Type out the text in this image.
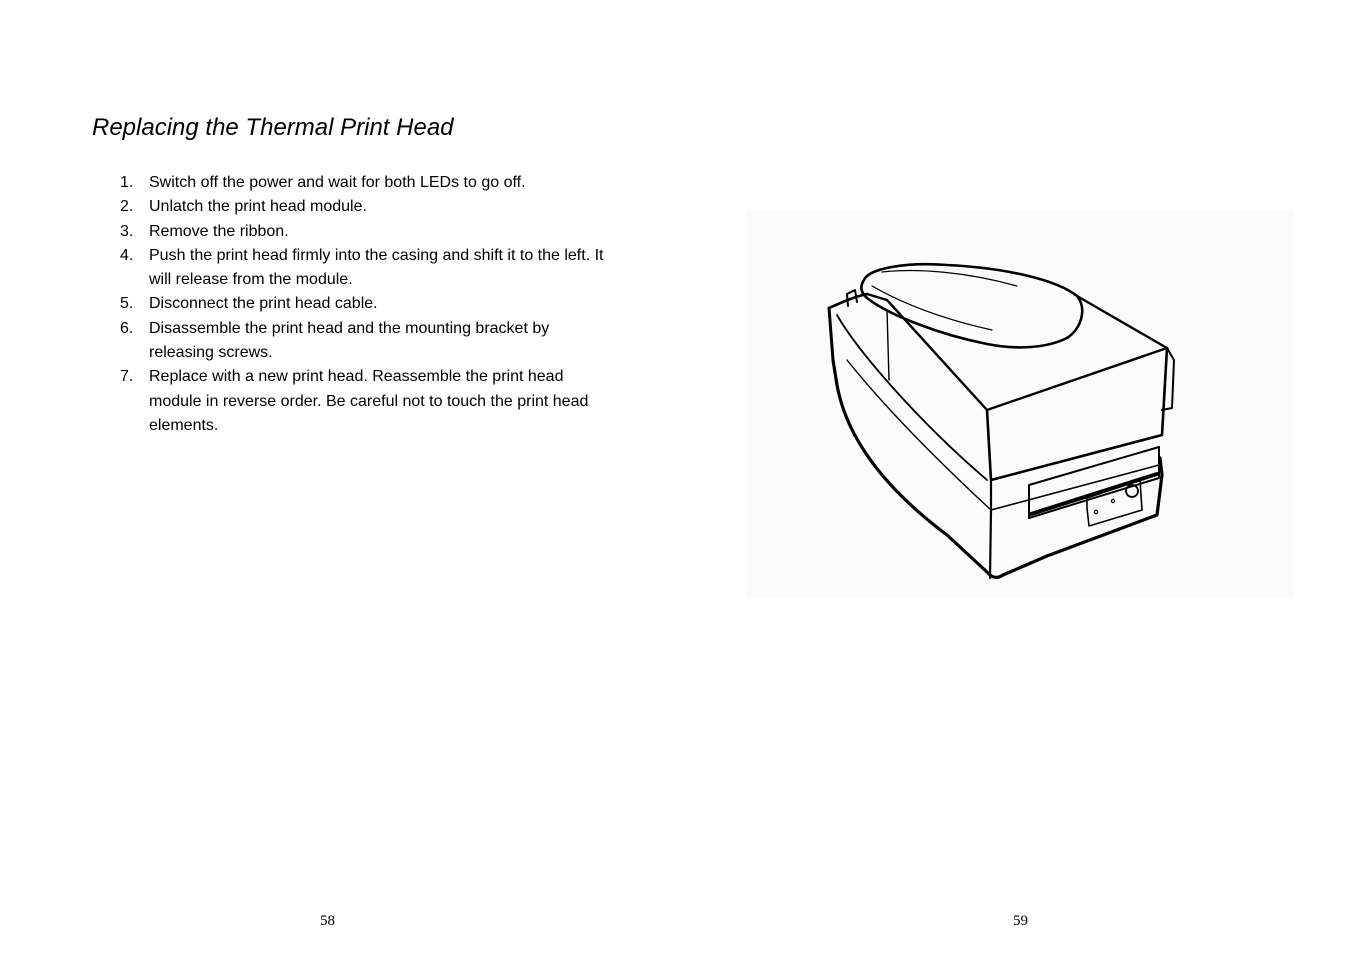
Replacing the Thermal Print Head
1. Switch off the power and wait for both LEDs to go off.
2. Unlatch the print head module.
3. Remove the ribbon.
4. Push the print head firmly into the casing and shift it to the left. It will release from the module.
5. Disconnect the print head cable.
6. Disassemble the print head and the mounting bracket by releasing screws.
7. Replace with a new print head. Reassemble the print head module in reverse order. Be careful not to touch the print head elements.
58	59
